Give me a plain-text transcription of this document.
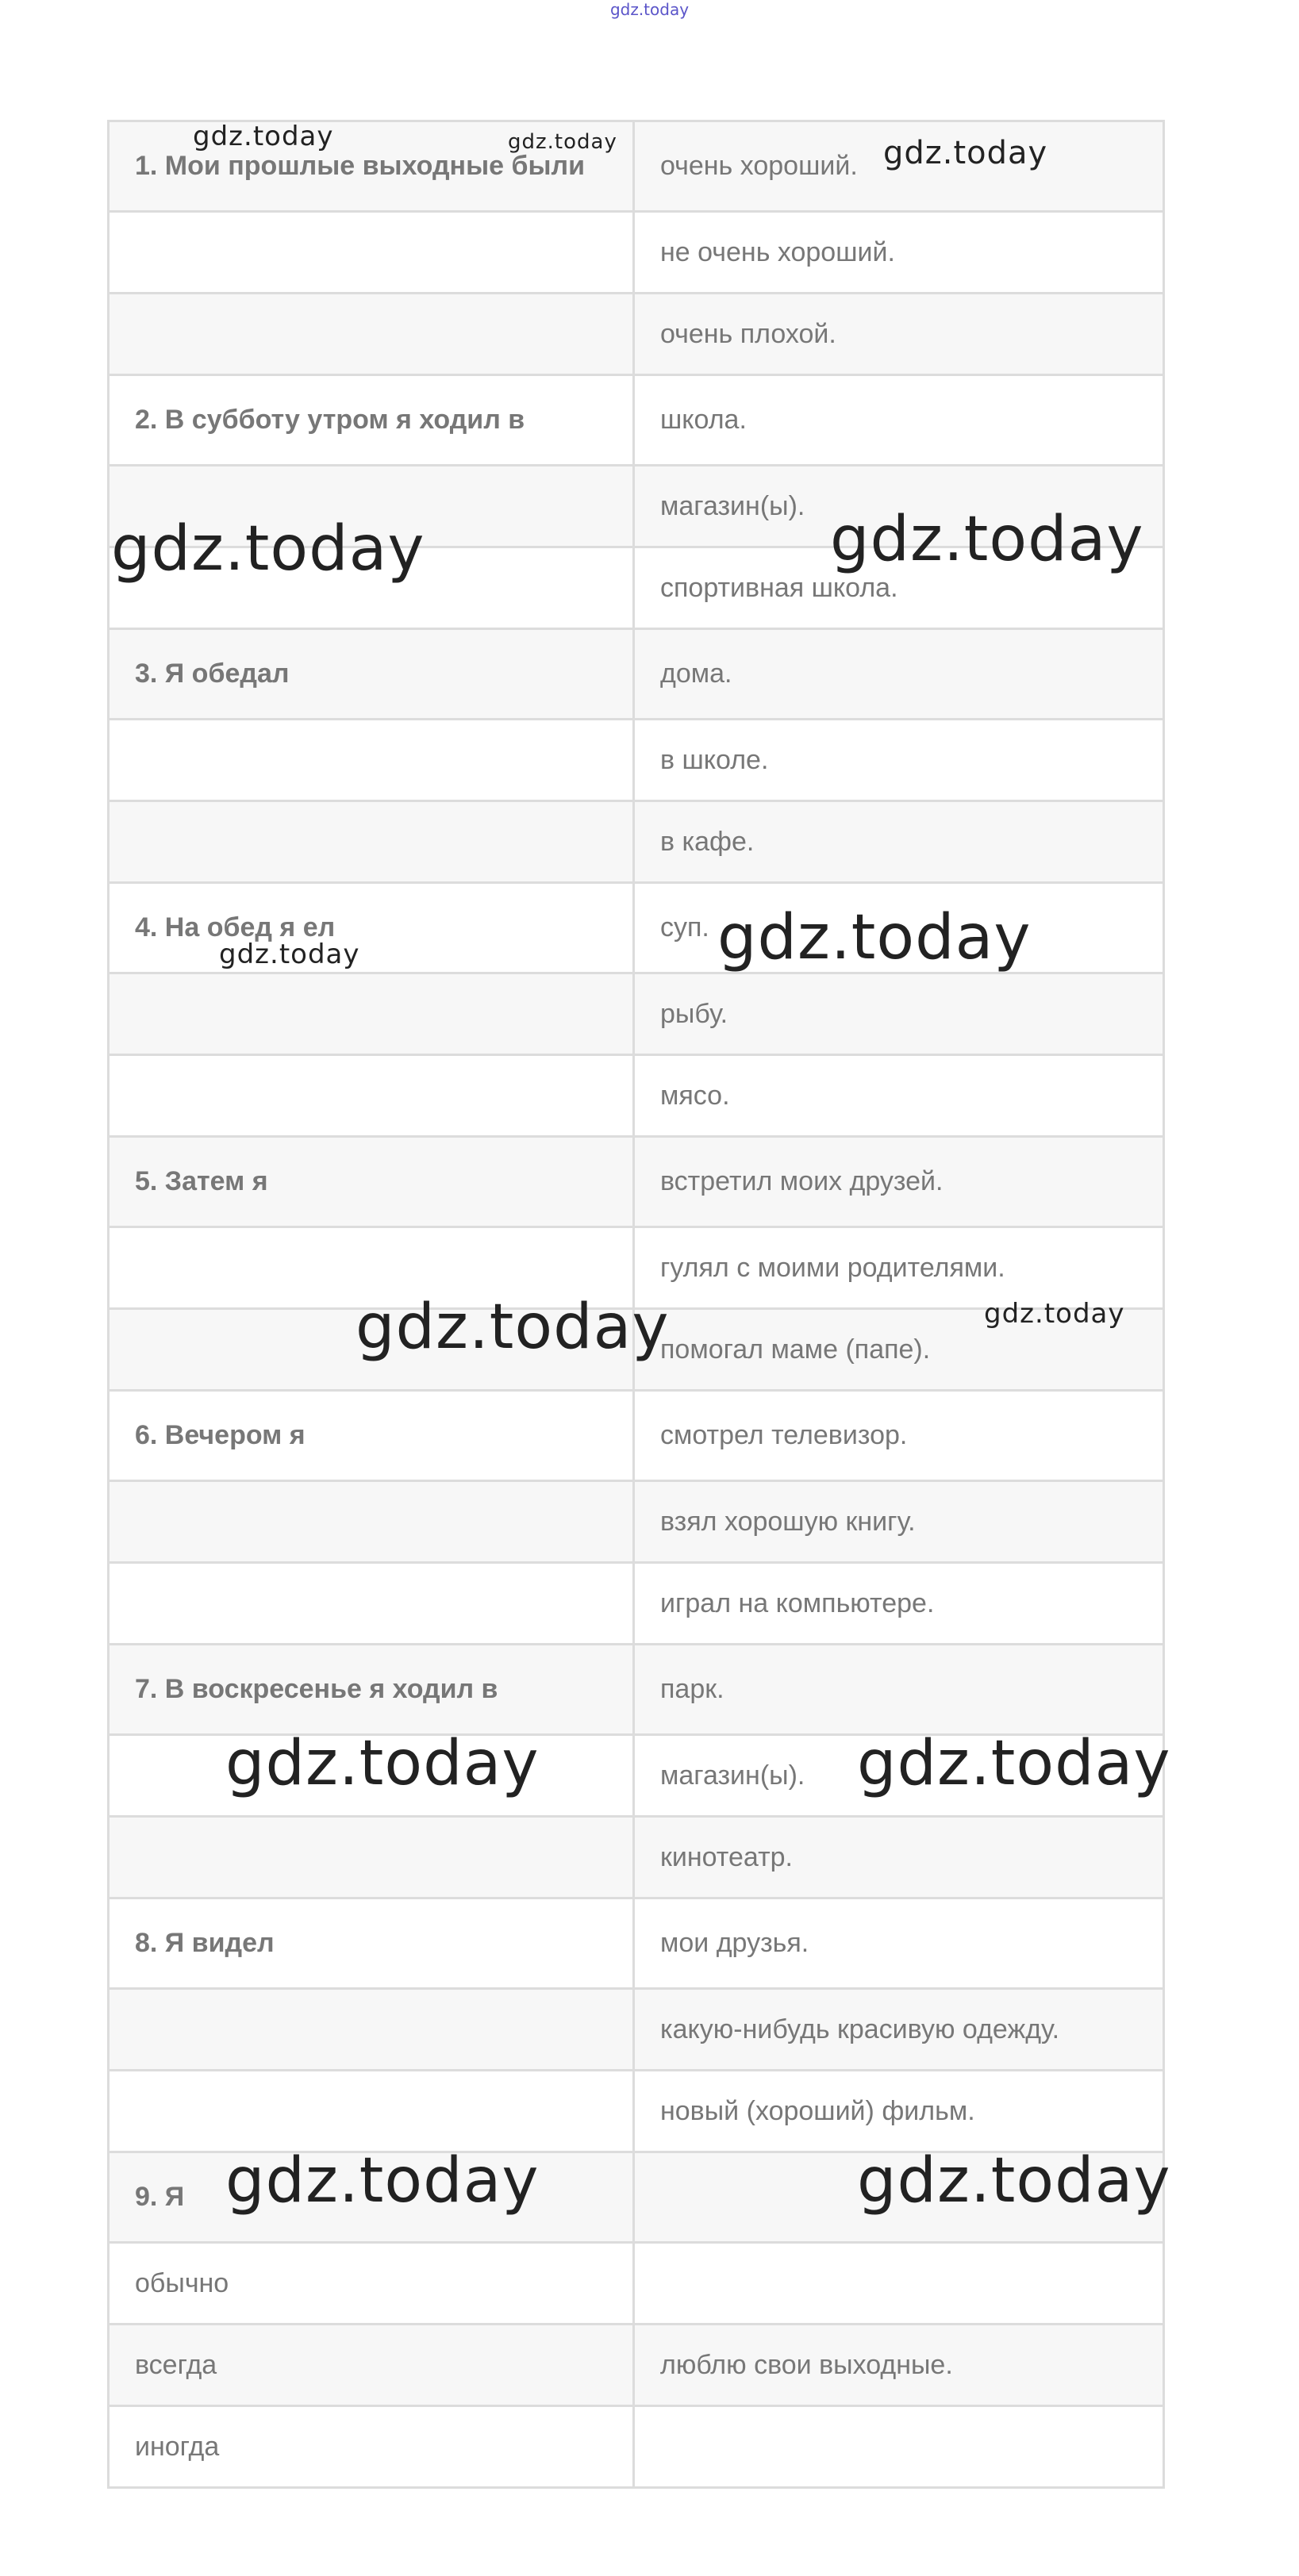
gdz.today
1. Мои прошлые выходные были	очень хороший.
	не очень хороший.
	очень плохой.
2. В субботу утром я ходил в	школа.
	магазин(ы).
	спортивная школа.
3. Я обедал	дома.
	в школе.
	в кафе.
4. На обед я ел	суп.
	рыбу.
	мясо.
5. Затем я	встретил моих друзей.
	гулял с моими родителями.
	помогал маме (папе).
6. Вечером я	смотрел телевизор.
	взял хорошую книгу.
	играл на компьютере.
7. В воскресенье я ходил в	парк.
	магазин(ы).
	кинотеатр.
8. Я видел	мои друзья.
	какую-нибудь красивую одежду.
	новый (хороший) фильм.
9. Я	
обычно	
всегда	люблю свои выходные.
иногда	
gdz.today	gdz.today	gdz.today
gdz.today	gdz.today
gdz.today
gdz.today
gdz.today	gdz.today
gdz.today	gdz.today
gdz.today	gdz.today
